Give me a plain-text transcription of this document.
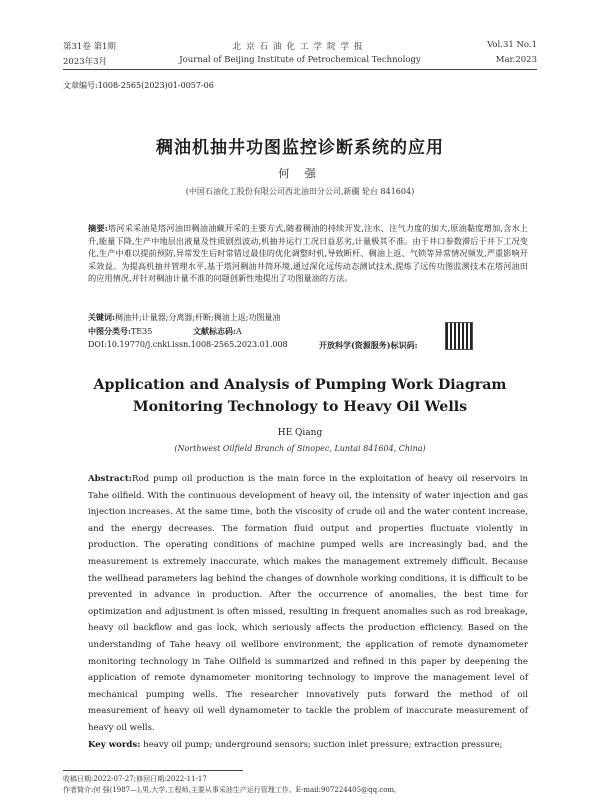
第31卷 第1期	北京石油化工学院学报	Vol.31 No.1
2023年3月	Journal of Beijing Institute of Petrochemical Technology	Mar.2023
文章编号:1008-2565(2023)01-0057-06
稠油机抽井功图监控诊断系统的应用
何 强
(中国石油化工股份有限公司西北油田分公司,新疆 轮台 841604)
摘要:塔河采采油是塔河油田稠油油藏开采的主要方式,随着稠油的持续开发,注水、注气力度的加大,原油黏度增加,含水上升,能量下降,生产中地层出液量及性质剧烈波动,机抽井运行工况日益恶劣,计量极其不准。由于井口参数滞后于井下工况变化,生产中难以提前预防,异常发生后时常错过最佳的优化调整时机,导致断杆、稠油上返、气锁等异常情况频发,严重影响开采效益。为提高机抽井管理水平,基于塔河稠油井筒环境,通过深化远传动态测试技术,提炼了远传功图监测技术在塔河油田的应用情况,并针对稠油计量不准的问题创新性地提出了功图量油的方法。
关键词:稠油井;计量器;分离器;杆断;稠油上返;功图量油
中图分类号:TE35	文献标志码:A
DOI:10.19770/j.cnki.issn.1008-2565.2023.01.008	开放科学(资源服务)标识码:
Application and Analysis of Pumping Work Diagram
Monitoring Technology to Heavy Oil Wells
HE Qiang
(Northwest Oilfield Branch of Sinopec, Luntai 841604, China)
Abstract:Rod pump oil production is the main force in the exploitation of heavy oil reservoirs in Tahe oilfield. With the continuous development of heavy oil, the intensity of water injection and gas injection increases. At the same time, both the viscosity of crude oil and the water content increase, and the energy decreases. The formation fluid output and properties fluctuate violently in production. The operating conditions of machine pumped wells are increasingly bad, and the measurement is extremely inaccurate, which makes the management extremely difficult. Because the wellhead parameters lag behind the changes of downhole working conditions, it is difficult to be prevented in advance in production. After the occurrence of anomalies, the best time for optimization and adjustment is often missed, resulting in frequent anomalies such as rod breakage, heavy oil backflow and gas lock, which seriously affects the production efficiency. Based on the understanding of Tahe heavy oil wellbore environment, the application of remote dynamometer monitoring technology in Tahe Oilfield is summarized and refined in this paper by deepening the application of remote dynamometer monitoring technology to improve the management level of mechanical pumping wells. The researcher innovatively puts forward the method of oil measurement of heavy oil well dynamometer to tackle the problem of inaccurate measurement of heavy oil wells.
Key words: heavy oil pump; underground sensors; suction inlet pressure; extraction pressure;
收稿日期:2022-07-27;修回日期:2022-11-17
作者简介:何 强(1987—),男,大学,工程师,主要从事采油生产运行管理工作。E-mail:907224405@qq.com。
